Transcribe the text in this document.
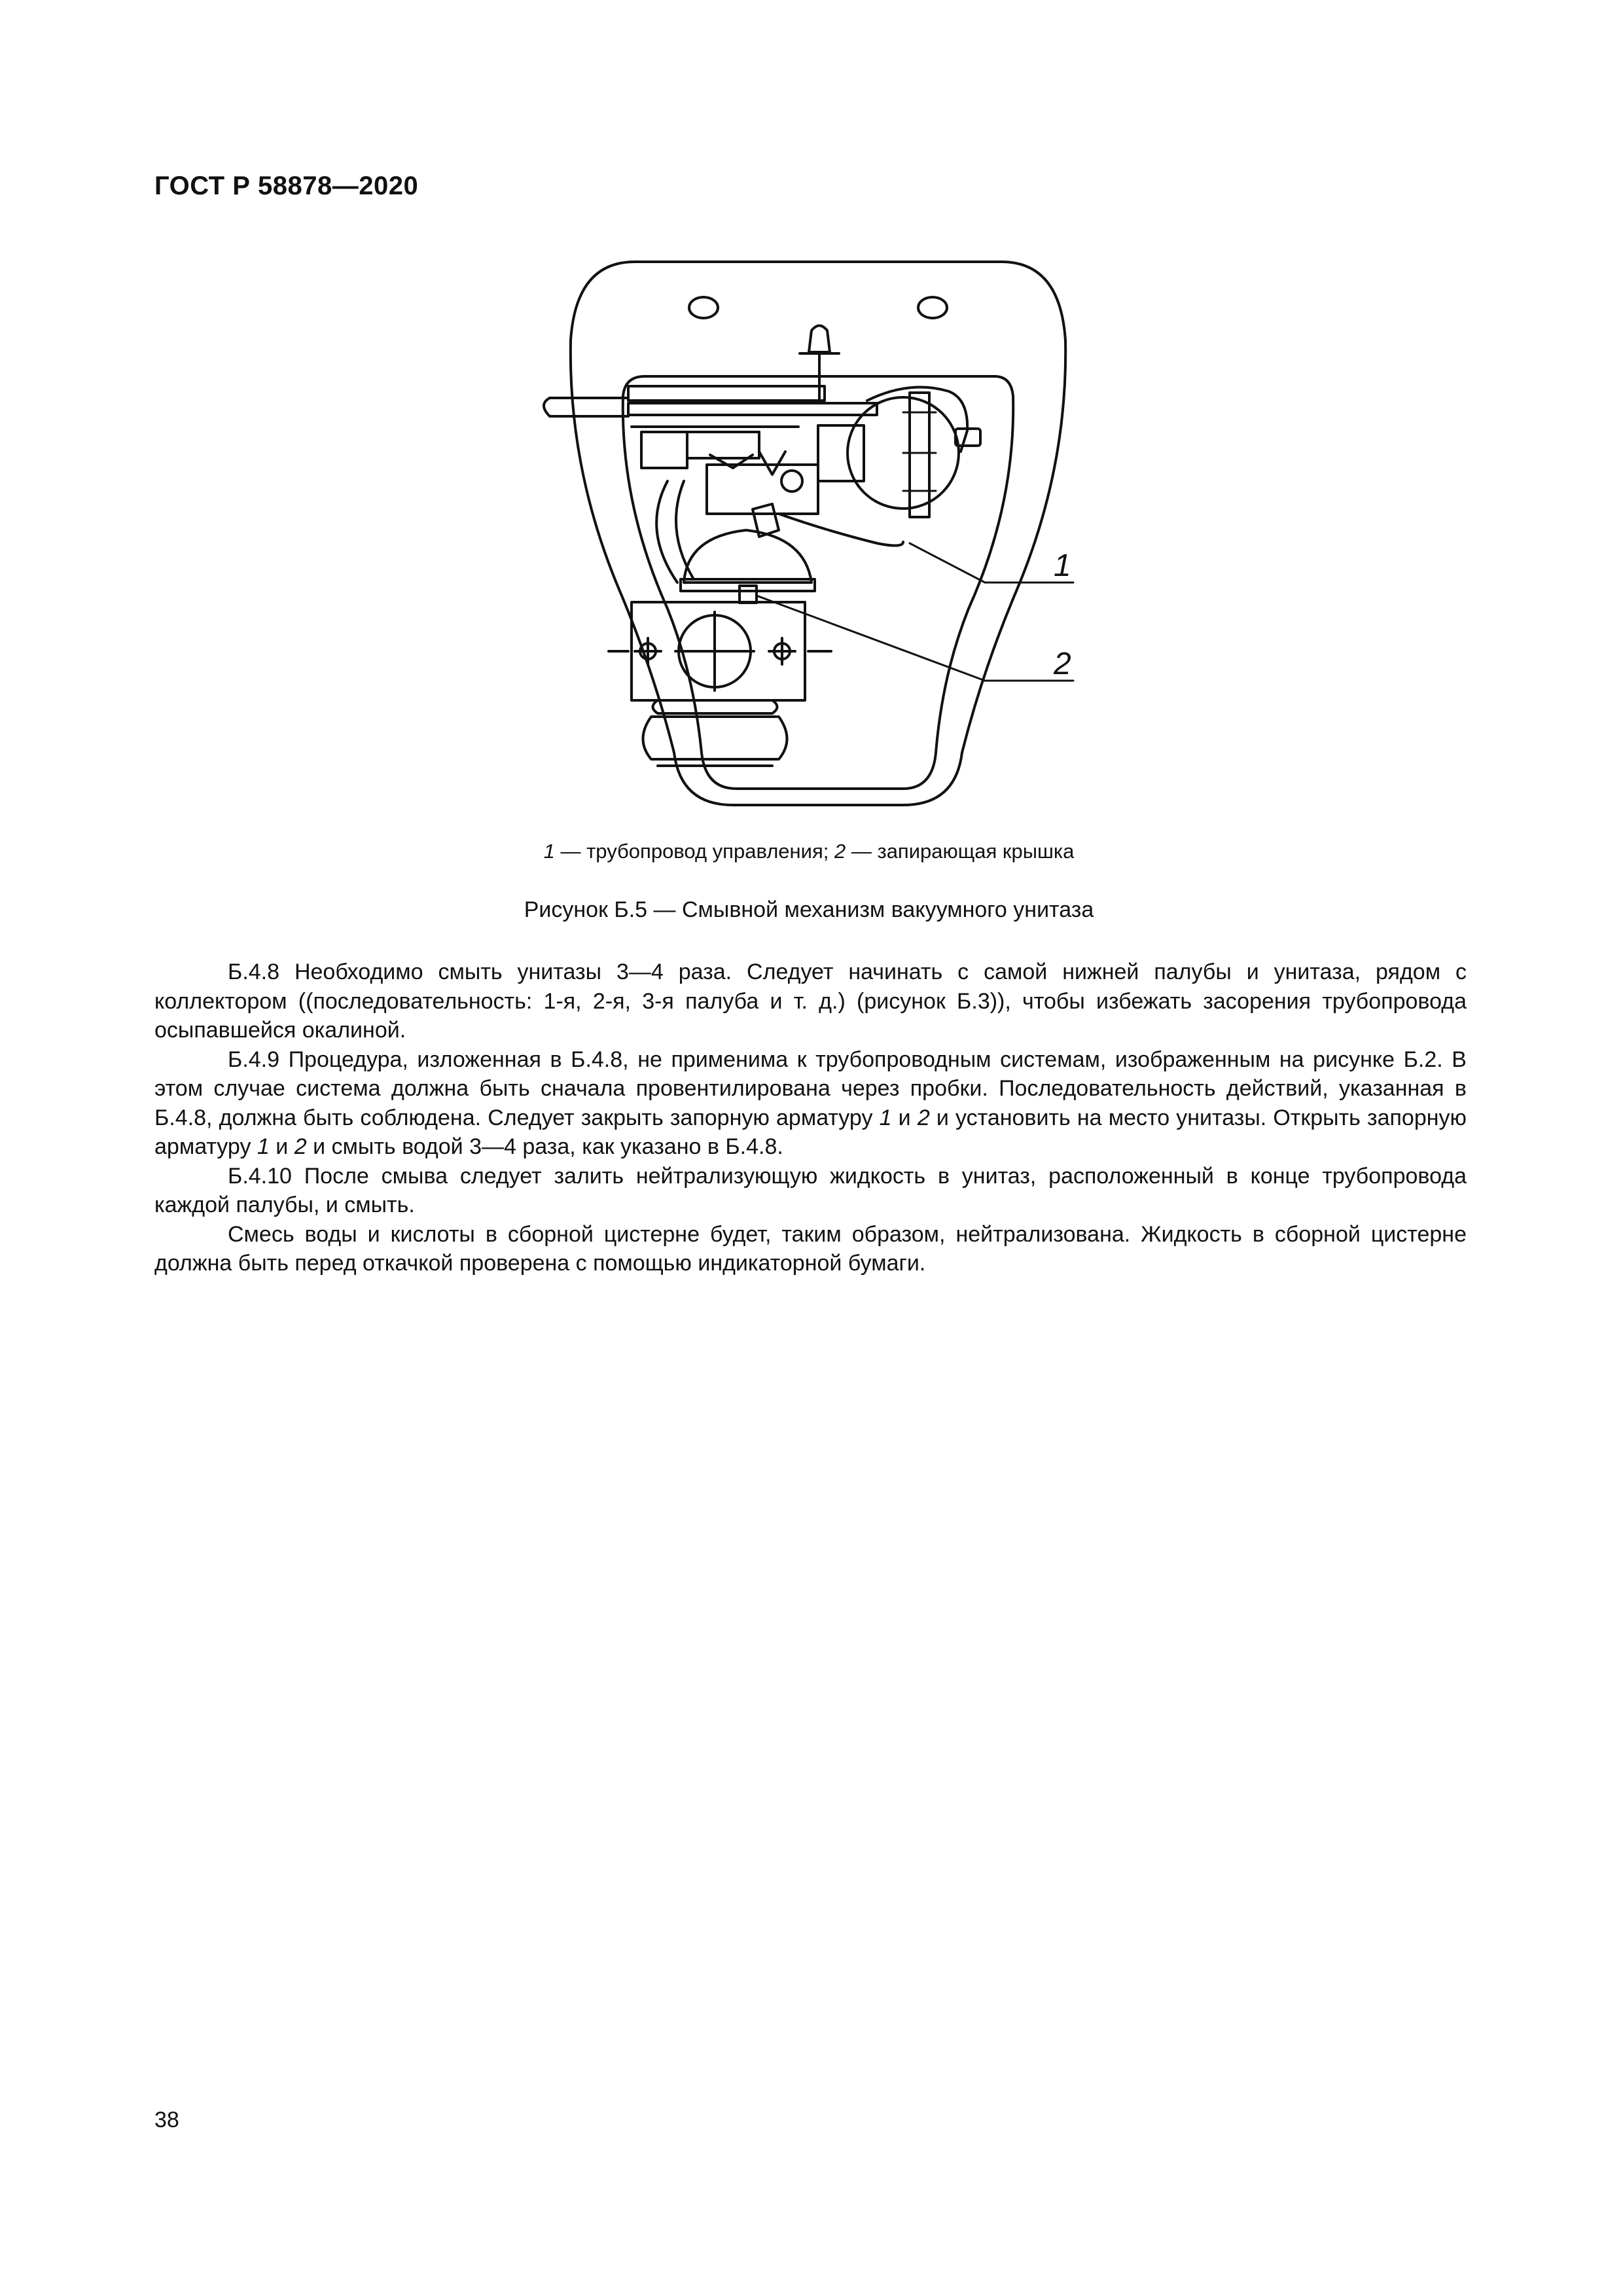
ГОСТ Р 58878—2020
1
2
1 — трубопровод управления; 2 — запирающая крышка
Рисунок Б.5 — Смывной механизм вакуумного унитаза

Б.4.8 Необходимо смыть унитазы 3—4 раза. Следует начинать с самой нижней палубы и унитаза, рядом с коллектором ((последовательность: 1-я, 2-я, 3-я палуба и т. д.) (рисунок Б.3)), чтобы избежать засорения трубопровода осыпавшейся окалиной.

Б.4.9 Процедура, изложенная в Б.4.8, не применима к трубопроводным системам, изображенным на рисунке Б.2. В этом случае система должна быть сначала провентилирована через пробки. Последовательность действий, указанная в Б.4.8, должна быть соблюдена. Следует закрыть запорную арматуру 1 и 2 и установить на место унитазы. Открыть запорную арматуру 1 и 2 и смыть водой 3—4 раза, как указано в Б.4.8.

Б.4.10 После смыва следует залить нейтрализующую жидкость в унитаз, расположенный в конце трубопровода каждой палубы, и смыть.

Смесь воды и кислоты в сборной цистерне будет, таким образом, нейтрализована. Жидкость в сборной цистерне должна быть перед откачкой проверена с помощью индикаторной бумаги.

38
